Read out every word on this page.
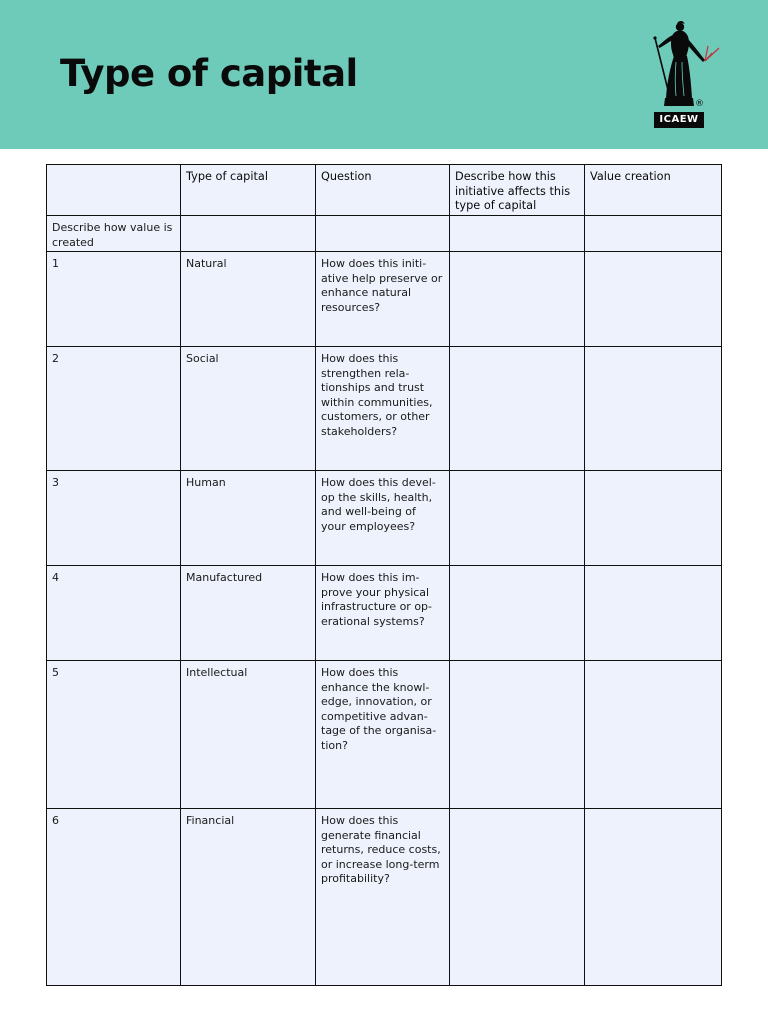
Type of capital
®
ICAEW
	Type of capital	Question	Describe how this initiative affects this type of capital	Value creation
Describe how value is created				
1	Natural	How does this initi-ative help preserve or enhance natural resources?		
2	Social	How does this strengthen rela-tionships and trust within communities, customers, or other stakeholders?		
3	Human	How does this devel-op the skills, health, and well-being of your employees?		
4	Manufactured	How does this im-prove your physical infrastructure or op-erational systems?		
5	Intellectual	How does this enhance the knowl-edge, innovation, or competitive advan-tage of the organisa-tion?		
6	Financial	How does this generate financial returns, reduce costs, or increase long-term profitability?		
